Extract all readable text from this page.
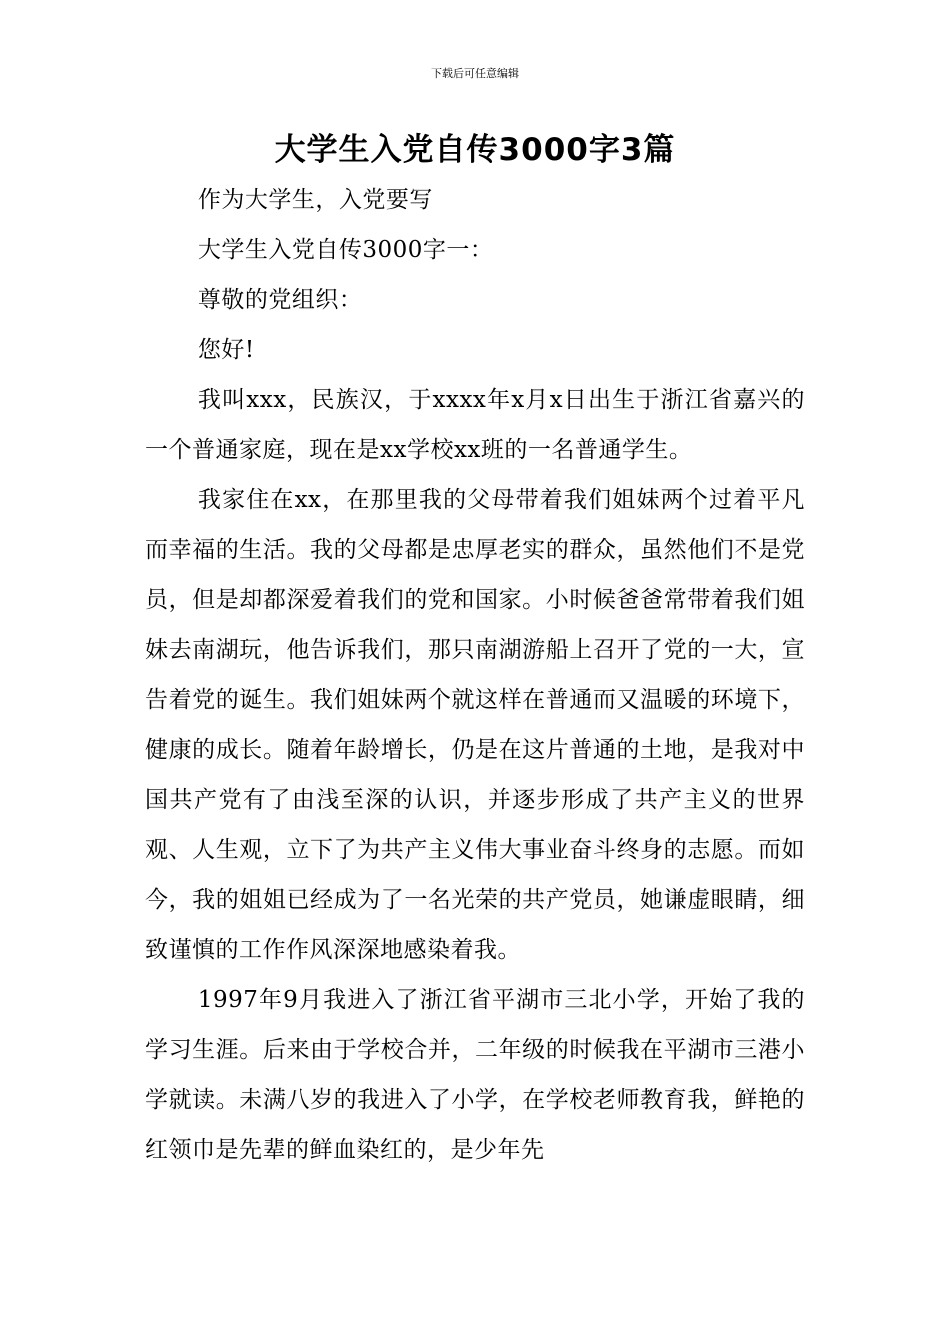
下载后可任意编辑
大学生入党自传3000字3篇

作为大学生，入党要写

大学生入党自传3000字一：

尊敬的党组织：

您好!

我叫xxx，民族汉，于xxxx年x月x日出生于浙江省嘉兴的一个普通家庭，现在是xx学校xx班的一名普通学生。

我家住在xx，在那里我的父母带着我们姐妹两个过着平凡而幸福的生活。我的父母都是忠厚老实的群众，虽然他们不是党员，但是却都深爱着我们的党和国家。小时候爸爸常带着我们姐妹去南湖玩，他告诉我们，那只南湖游船上召开了党的一大，宣告着党的诞生。我们姐妹两个就这样在普通而又温暖的环境下，健康的成长。随着年龄增长，仍是在这片普通的土地，是我对中国共产党有了由浅至深的认识，并逐步形成了共产主义的世界观、人生观，立下了为共产主义伟大事业奋斗终身的志愿。而如今，我的姐姐已经成为了一名光荣的共产党员，她谦虚眼睛，细致谨慎的工作作风深深地感染着我。

1997年9月我进入了浙江省平湖市三北小学，开始了我的学习生涯。后来由于学校合并，二年级的时候我在平湖市三港小学就读。未满八岁的我进入了小学，在学校老师教育我，鲜艳的红领巾是先辈的鲜血染红的，是少年先
